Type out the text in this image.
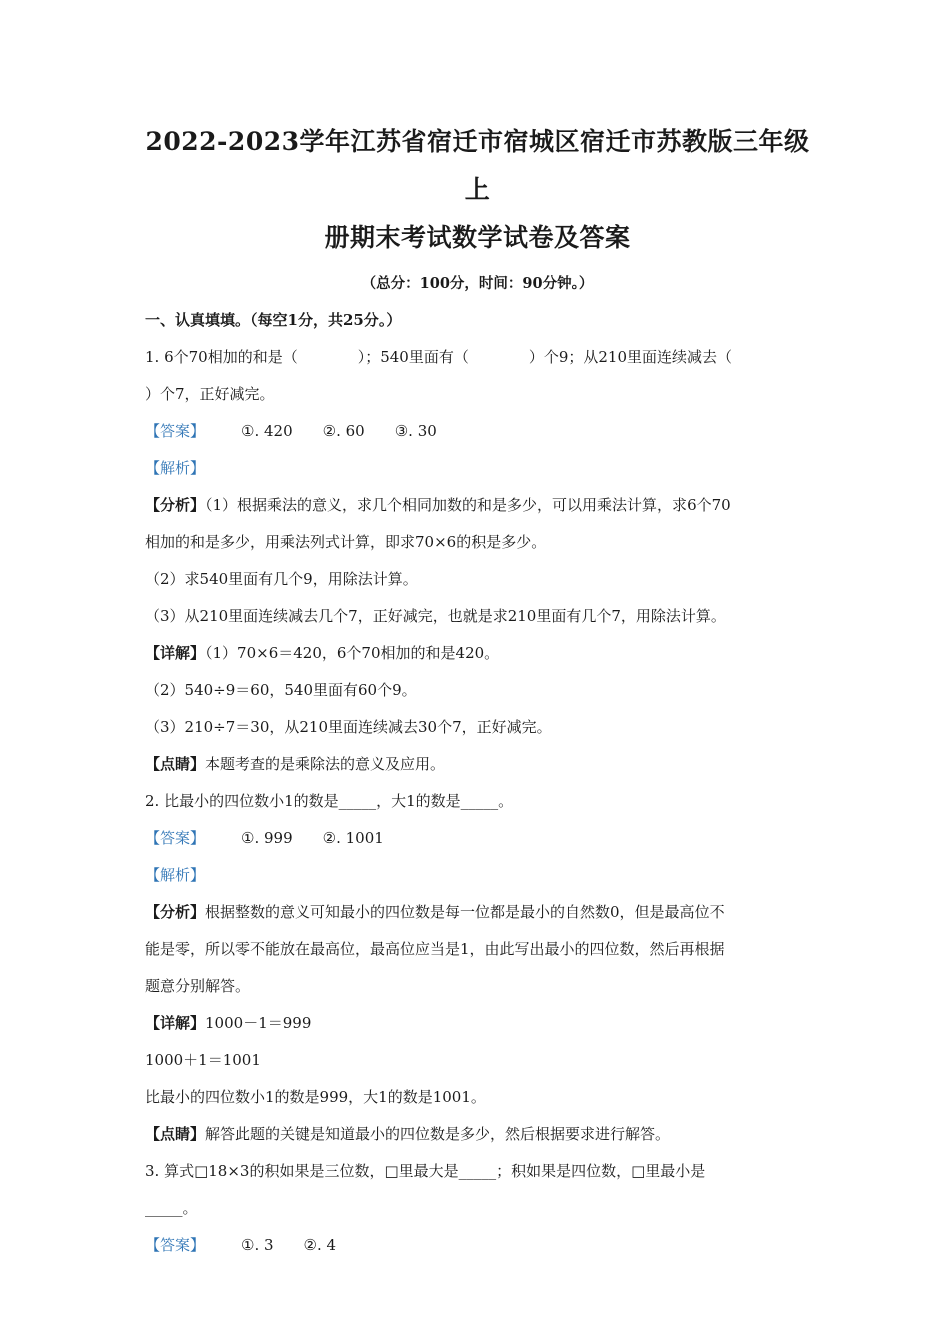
2022-2023学年江苏省宿迁市宿城区宿迁市苏教版三年级上
册期末考试数学试卷及答案
（总分：100分，时间：90分钟。）

一、认真填填。（每空1分，共25分。）

1. 6个70相加的和是（　　　　）；540里面有（　　　　）个9；从210里面连续减去（

）个7，正好减完。

【答案】 ①. 420 ②. 60 ③. 30

【解析】

【分析】（1）根据乘法的意义，求几个相同加数的和是多少，可以用乘法计算，求6个70

相加的和是多少，用乘法列式计算，即求70×6的积是多少。

（2）求540里面有几个9，用除法计算。

（3）从210里面连续减去几个7，正好减完，也就是求210里面有几个7，用除法计算。

【详解】（1）70×6＝420，6个70相加的和是420。

（2）540÷9＝60，540里面有60个9。

（3）210÷7＝30，从210里面连续减去30个7，正好减完。

【点睛】本题考查的是乘除法的意义及应用。

2. 比最小的四位数小1的数是_____，大1的数是_____。

【答案】 ①. 999 ②. 1001

【解析】

【分析】根据整数的意义可知最小的四位数是每一位都是最小的自然数0，但是最高位不

能是零，所以零不能放在最高位，最高位应当是1，由此写出最小的四位数，然后再根据

题意分别解答。

【详解】1000－1＝999

1000＋1＝1001

比最小的四位数小1的数是999，大1的数是1001。

【点睛】解答此题的关键是知道最小的四位数是多少，然后根据要求进行解答。

3. 算式□18×3的积如果是三位数，□里最大是_____；积如果是四位数，□里最小是

_____。

【答案】 ①. 3 ②. 4
